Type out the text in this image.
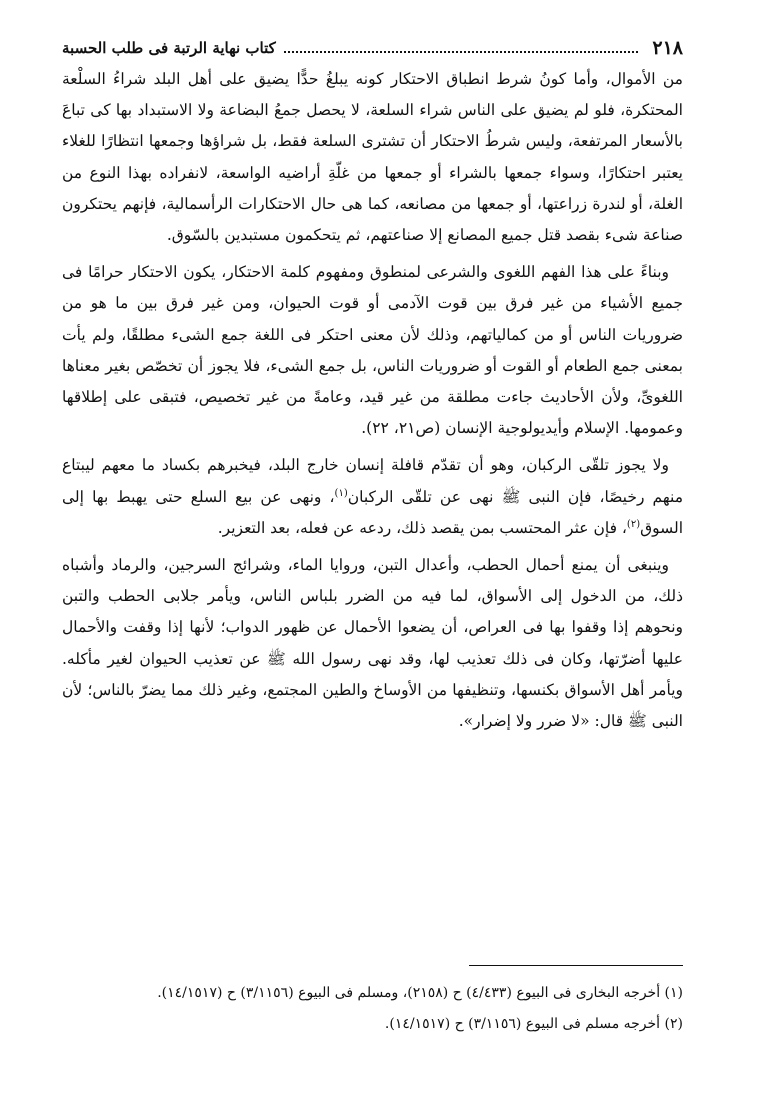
٢١٨
كتاب نهاية الرتبة فى طلب الحسبة

من الأموال، وأما كونُ شرط انطباق الاحتكار كونه يبلغُ حدًّا يضيق على أهل البلد شراءُ السلْعة المحتكرة، فلو لم يضيق على الناس شراء السلعة، لا يحصل جمعُ البضاعة ولا الاستبداد بها كى تباعَ بالأسعار المرتفعة، وليس شرطُ الاحتكار أن تشترى السلعة فقط، بل شراؤها وجمعها انتظارًا للغلاء يعتبر احتكارًا، وسواء جمعها بالشراء أو جمعها من غلّةِ أراضيه الواسعة، لانفراده بهذا النوع من الغلة، أو لندرة زراعتها، أو جمعها من مصانعه، كما هى حال الاحتكارات الرأسمالية، فإنهم يحتكرون صناعة شىء بقصد قتل جميع المصانع إلا صناعتهم، ثم يتحكمون مستبدين بالسّوق.

وبناءً على هذا الفهم اللغوى والشرعى لمنطوق ومفهوم كلمة الاحتكار، يكون الاحتكار حرامًا فى جميع الأشياء من غير فرق بين قوت الآدمى أو قوت الحيوان، ومن غير فرق بين ما هو من ضروريات الناس أو من كمالياتهم، وذلك لأن معنى احتكر فى اللغة جمع الشىء مطلقًا، ولم يأت بمعنى جمع الطعام أو القوت أو ضروريات الناس، بل جمع الشىء، فلا يجوز أن تخصّص بغير معناها اللغوىِّ، ولأن الأحاديث جاءت مطلقة من غير قيد، وعامةً من غير تخصيص، فتبقى على إطلاقها وعمومها. الإسلام وأيديولوجية الإنسان (ص٢١، ٢٢).

ولا يجوز تلقّى الركبان، وهو أن تقدّم قافلة إنسان خارج البلد، فيخبرهم بكساد ما معهم ليبتاع منهم رخيصًا، فإن النبى ﷺ نهى عن تلقّى الركبان$^{(١)}$، ونهى عن بيع السلع حتى يهبط بها إلى السوق$^{(٢)}$، فإن عثر المحتسب بمن يقصد ذلك، ردعه عن فعله، بعد التعزير.

وينبغى أن يمنع أحمال الحطب، وأعدال التبن، وروايا الماء، وشرائج السرجين، والرماد وأشباه ذلك، من الدخول إلى الأسواق، لما فيه من الضرر بلباس الناس، ويأمر جلابى الحطب والتبن ونحوهم إذا وقفوا بها فى العراص، أن يضعوا الأحمال عن ظهور الدواب؛ لأنها إذا وقفت والأحمال عليها أضرّتها، وكان فى ذلك تعذيب لها، وقد نهى رسول الله ﷺ عن تعذيب الحيوان لغير مأكله. ويأمر أهل الأسواق بكنسها، وتنظيفها من الأوساخ والطين المجتمع، وغير ذلك مما يضرّ بالناس؛ لأن النبى ﷺ قال: «لا ضرر ولا إضرار».

(١) أخرجه البخارى فى البيوع (٤/٤٣٣) ح (٢١٥٨)، ومسلم فى البيوع (٣/١١٥٦) ح (١٤/١٥١٧).

(٢) أخرجه مسلم فى البيوع (٣/١١٥٦) ح (١٤/١٥١٧).
